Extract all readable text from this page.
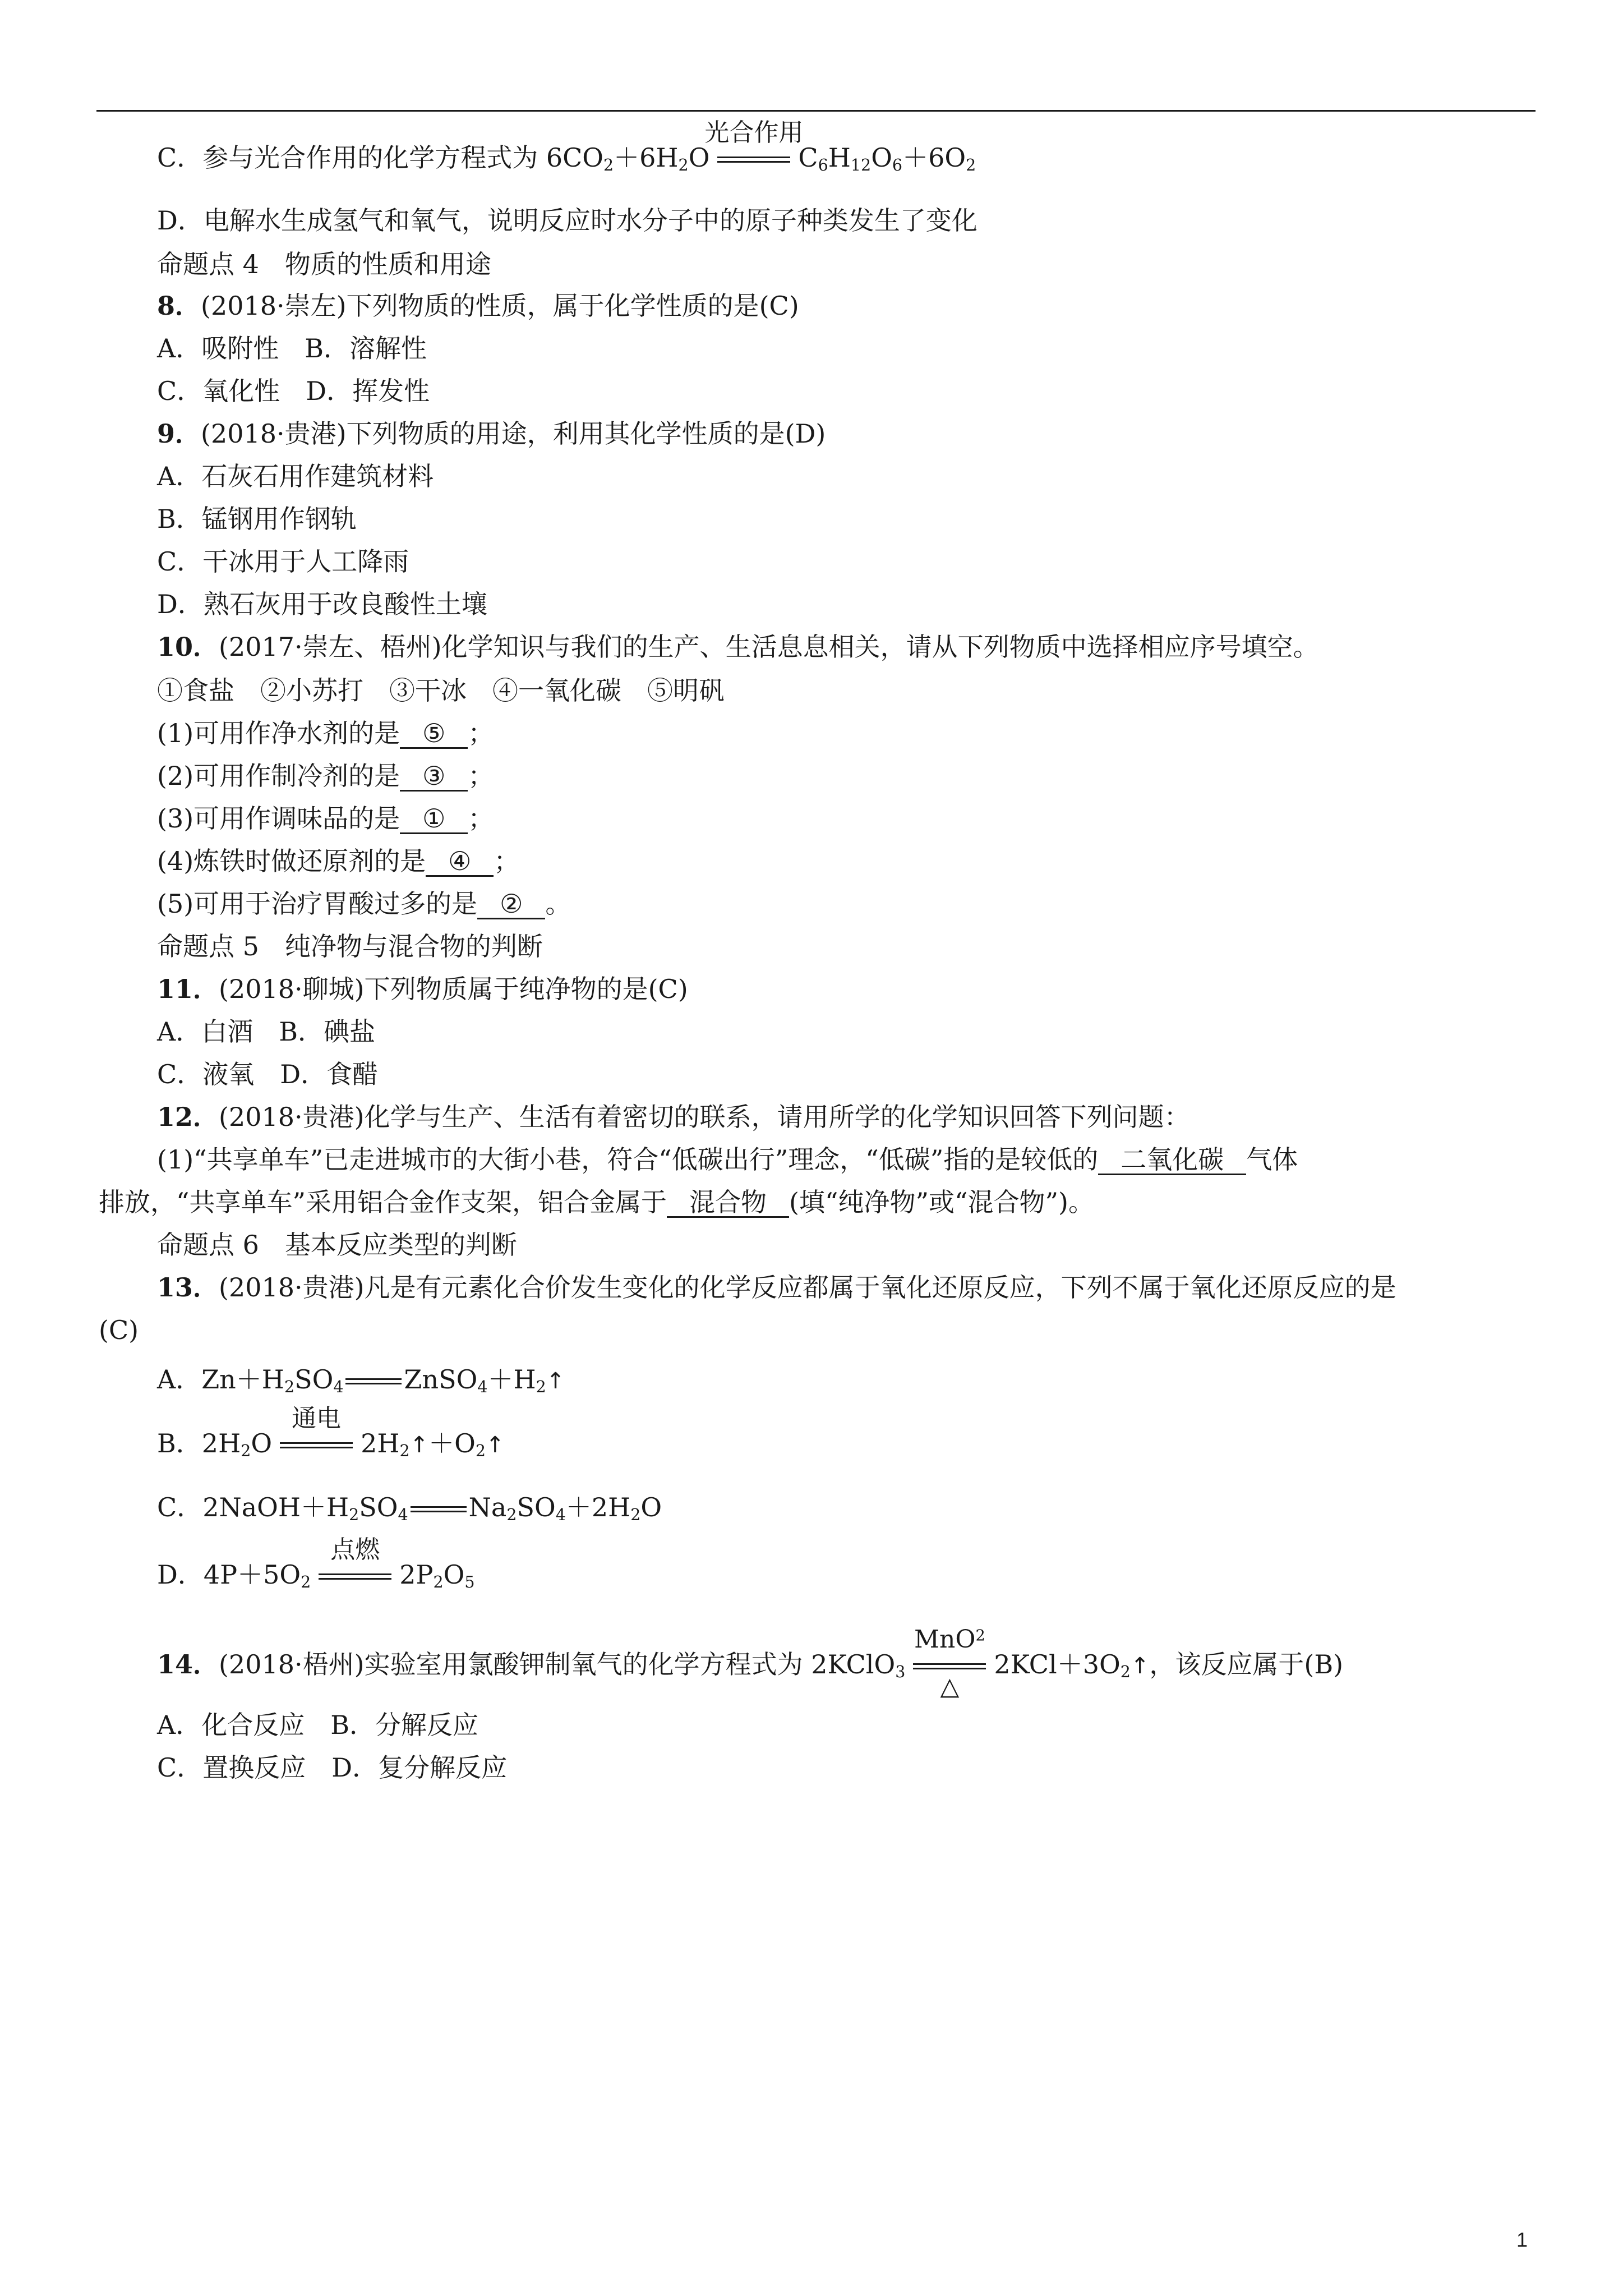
C．参与光合作用的化学方程式为 $6CO_2+6H_2O$
光合作用
$C_6H_{12}O_6+6O_2$
D．电解水生成氢气和氧气，说明反应时水分子中的原子种类发生了变化
命题点 4　物质的性质和用途
8．(2018·崇左)下列物质的性质，属于化学性质的是(C)
A．吸附性　B．溶解性
C．氧化性　D．挥发性
9．(2018·贵港)下列物质的用途，利用其化学性质的是(D)
A．石灰石用作建筑材料
B．锰钢用作钢轨
C．干冰用于人工降雨
D．熟石灰用于改良酸性土壤
10．(2017·崇左、梧州)化学知识与我们的生产、生活息息相关，请从下列物质中选择相应序号填空。
①食盐　②小苏打　③干冰　④一氧化碳　⑤明矾
(1)可用作净水剂的是 ⑤ ；
(2)可用作制冷剂的是 ③ ；
(3)可用作调味品的是 ① ；
(4)炼铁时做还原剂的是 ④ ；
(5)可用于治疗胃酸过多的是 ② 。
命题点 5　纯净物与混合物的判断
11．(2018·聊城)下列物质属于纯净物的是(C)
A．白酒　B．碘盐
C．液氧　D．食醋
12．(2018·贵港)化学与生产、生活有着密切的联系，请用所学的化学知识回答下列问题：
(1)“共享单车”已走进城市的大街小巷，符合“低碳出行”理念，“低碳”指的是较低的 二氧化碳 气体
排放，“共享单车”采用铝合金作支架，铝合金属于 混合物 (填“纯净物”或“混合物”)。
命题点 6　基本反应类型的判断
13．(2018·贵港)凡是有元素化合价发生变化的化学反应都属于氧化还原反应，下列不属于氧化还原反应的是
(C)
A．$Zn+H_2SO_4$ $ZnSO_4+H_2↑$
B．$2H_2O$
通电
$2H_2↑+O_2↑$
C．$2NaOH+H_2SO_4$ $Na_2SO_4+2H_2O$
D．$4P+5O_2$
点燃
$2P_2O_5$
14．(2018·梧州)实验室用氯酸钾制氧气的化学方程式为 2KClO$_3$
MnO$^2$
△
$2KCl+3O_2↑$，该反应属于(B)
A．化合反应　B．分解反应
C．置换反应　D．复分解反应
1
